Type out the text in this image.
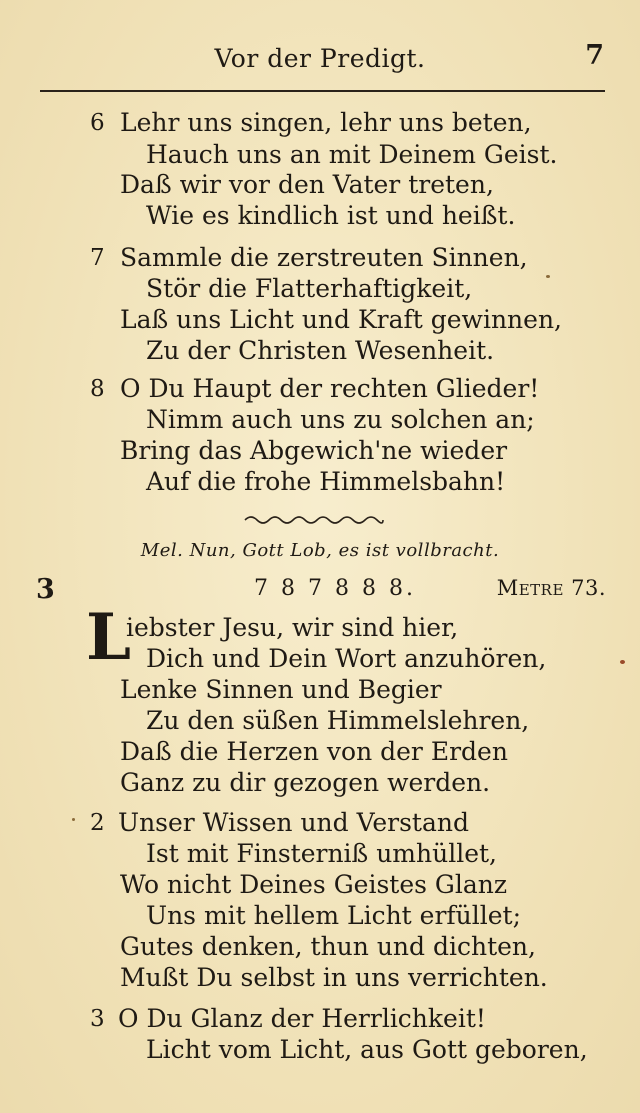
Vor der Predigt.	7
6 Lehr uns singen, lehr uns beten,
Hauch uns an mit Deinem Geist.
Daß wir vor den Vater treten,
Wie es kindlich ist und heißt.
7 Sammle die zerstreuten Sinnen,
Stör die Flatterhaftigkeit,
Laß uns Licht und Kraft gewinnen,
Zu der Christen Wesenheit.
8 O Du Haupt der rechten Glieder!
Nimm auch uns zu solchen an;
Bring das Abgewich'ne wieder
Auf die frohe Himmelsbahn!
Mel. Nun, Gott Lob, es ist vollbracht.
3	7 8 7 8 8 8.	Metre 73.
L
iebster Jesu, wir sind hier,
Dich und Dein Wort anzuhören,
Lenke Sinnen und Begier
Zu den süßen Himmelslehren,
Daß die Herzen von der Erden
Ganz zu dir gezogen werden.
2 Unser Wissen und Verstand
Ist mit Finsterniß umhüllet,
Wo nicht Deines Geistes Glanz
Uns mit hellem Licht erfüllet;
Gutes denken, thun und dichten,
Mußt Du selbst in uns verrichten.
3 O Du Glanz der Herrlichkeit!
Licht vom Licht, aus Gott geboren,
